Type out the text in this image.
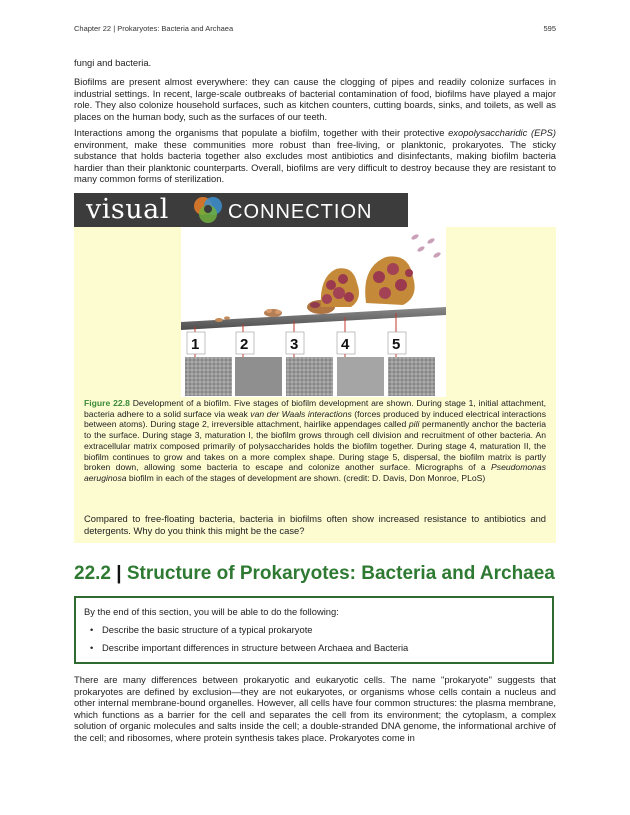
Chapter 22 | Prokaryotes: Bacteria and Archaea	595
fungi and bacteria.
Biofilms are present almost everywhere: they can cause the clogging of pipes and readily colonize surfaces in industrial settings. In recent, large-scale outbreaks of bacterial contamination of food, biofilms have played a major role. They also colonize household surfaces, such as kitchen counters, cutting boards, sinks, and toilets, as well as places on the human body, such as the surfaces of our teeth.
Interactions among the organisms that populate a biofilm, together with their protective exopolysaccharidic (EPS) environment, make these communities more robust than free-living, or planktonic, prokaryotes. The sticky substance that holds bacteria together also excludes most antibiotics and disinfectants, making biofilm bacteria hardier than their planktonic counterparts. Overall, biofilms are very difficult to destroy because they are resistant to many common forms of sterilization.
visual	CONNECTION
1	2	3	4	5
Figure 22.8 Development of a biofilm. Five stages of biofilm development are shown. During stage 1, initial attachment, bacteria adhere to a solid surface via weak van der Waals interactions (forces produced by induced electrical interactions between atoms). During stage 2, irreversible attachment, hairlike appendages called pili permanently anchor the bacteria to the surface. During stage 3, maturation I, the biofilm grows through cell division and recruitment of other bacteria. An extracellular matrix composed primarily of polysaccharides holds the biofilm together. During stage 4, maturation II, the biofilm continues to grow and takes on a more complex shape. During stage 5, dispersal, the biofilm matrix is partly broken down, allowing some bacteria to escape and colonize another surface. Micrographs of a Pseudomonas aeruginosa biofilm in each of the stages of development are shown. (credit: D. Davis, Don Monroe, PLoS)
Compared to free-floating bacteria, bacteria in biofilms often show increased resistance to antibiotics and detergents. Why do you think this might be the case?
22.2 | Structure of Prokaryotes: Bacteria and Archaea
By the end of this section, you will be able to do the following:
• Describe the basic structure of a typical prokaryote
• Describe important differences in structure between Archaea and Bacteria
There are many differences between prokaryotic and eukaryotic cells. The name "prokaryote" suggests that prokaryotes are defined by exclusion—they are not eukaryotes, or organisms whose cells contain a nucleus and other internal membrane-bound organelles. However, all cells have four common structures: the plasma membrane, which functions as a barrier for the cell and separates the cell from its environment; the cytoplasm, a complex solution of organic molecules and salts inside the cell; a double-stranded DNA genome, the informational archive of the cell; and ribosomes, where protein synthesis takes place. Prokaryotes come in
